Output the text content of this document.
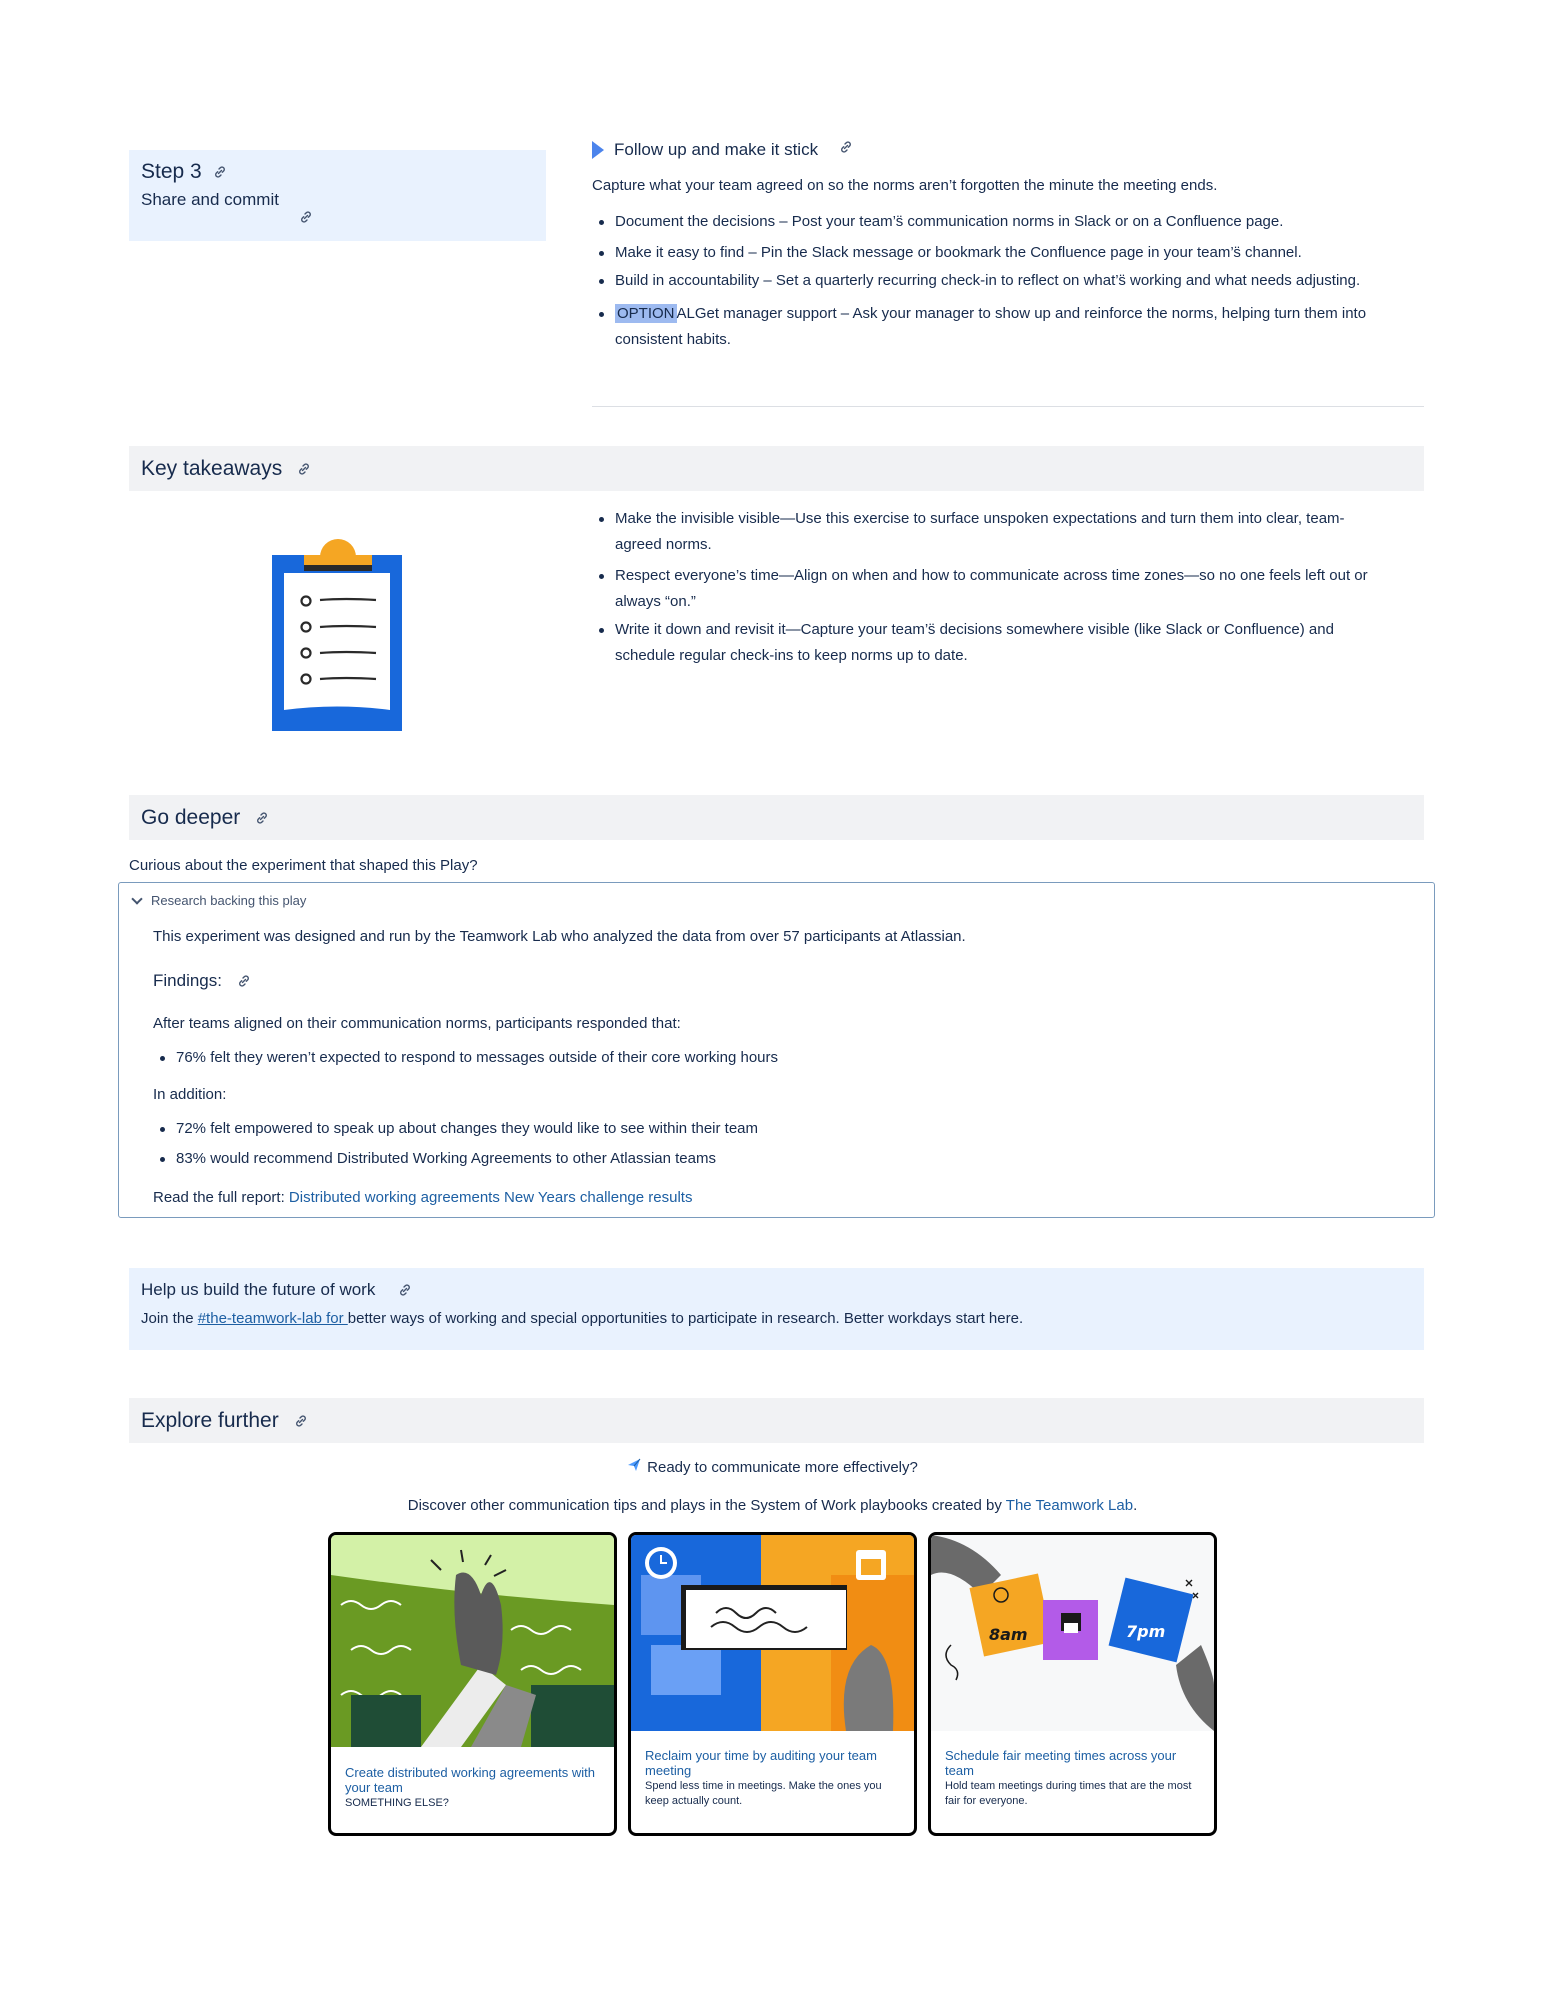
Step 3
Share and commit
Follow up and make it stick
Capture what your team agreed on so the norms aren’t forgotten the minute the meeting ends.
Document the decisions – Post your team’s̈ communication norms in Slack or on a Confluence page.
Make it easy to find – Pin the Slack message or bookmark the Confluence page in your team’s̈ channel.
Build in accountability – Set a quarterly recurring check-in to reflect on what’s̈ working and what needs adjusting.
OPTION ALGet manager support – Ask your manager to show up and reinforce the norms, helping turn them into consistent habits.
Key takeaways
Make the invisible visible—Use this exercise to surface unspoken expectations and turn them into clear, team-agreed norms.
Respect everyone’s time—Align on when and how to communicate across time zones—so no one feels left out or always “on.”
Write it down and revisit it—Capture your team’s̈ decisions somewhere visible (like Slack or Confluence) and schedule regular check-ins to keep norms up to date.
Go deeper
Curious about the experiment that shaped this Play?
Research backing this play
This experiment was designed and run by the Teamwork Lab who analyzed the data from over 57 participants at Atlassian.
Findings:
After teams aligned on their communication norms, participants responded that:
76% felt they weren’t expected to respond to messages outside of their core working hours
In addition:
72% felt empowered to speak up about changes they would like to see within their team
83% would recommend Distributed Working Agreements to other Atlassian teams
Read the full report: Distributed working agreements New Years challenge results
Help us build the future of work
Join the #the-teamwork-lab for better ways of working and special opportunities to participate in research. Better workdays start here.
Explore further
Ready to communicate more effectively?
Discover other communication tips and plays in the System of Work playbooks created by The Teamwork Lab.
Create distributed working agreements with your team
SOMETHING ELSE?
Reclaim your time by auditing your team meeting
Spend less time in meetings. Make the ones you keep actually count.
8am	7pm
Schedule fair meeting times across your team
Hold team meetings during times that are the most fair for everyone.
